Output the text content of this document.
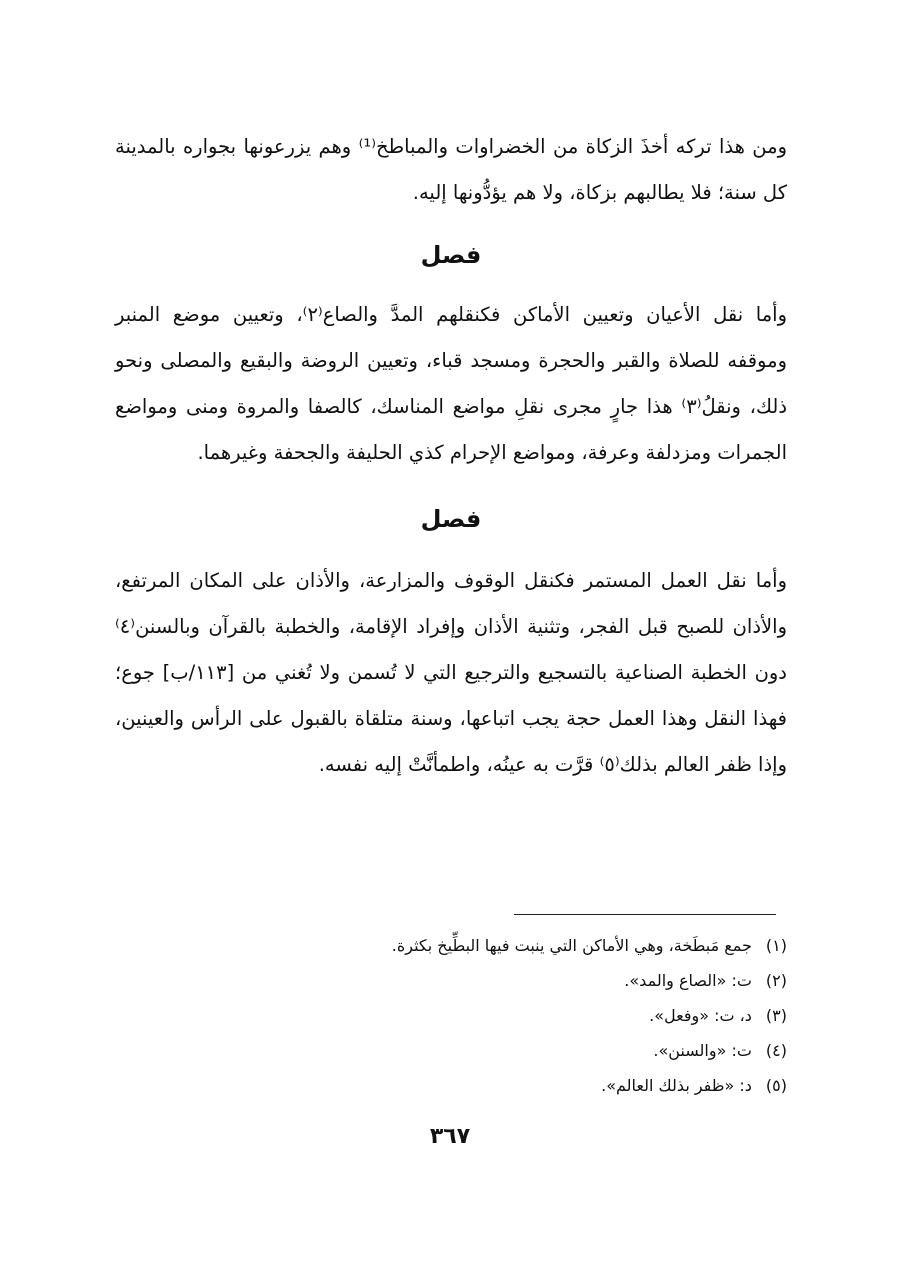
ومن هذا تركه أخذَ الزكاة من الخضراوات والمباطخ⁽¹⁾ وهم يزرعونها بجواره بالمدينة كل سنة؛ فلا يطالبهم بزكاة، ولا هم يؤدُّونها إليه.

فصل

وأما نقل الأعيان وتعيين الأماكن فكنقلهم المدَّ والصاع⁽٢⁾، وتعيين موضع المنبر وموقفه للصلاة والقبر والحجرة ومسجد قباء، وتعيين الروضة والبقيع والمصلى ونحو ذلك، ونقلُ⁽٣⁾ هذا جارٍ مجرى نقلِ مواضع المناسك، كالصفا والمروة ومنى ومواضع الجمرات ومزدلفة وعرفة، ومواضع الإحرام كذي الحليفة والجحفة وغيرهما.

فصل

وأما نقل العمل المستمر فكنقل الوقوف والمزارعة، والأذان على المكان المرتفع، والأذان للصبح قبل الفجر، وتثنية الأذان وإفراد الإقامة، والخطبة بالقرآن وبالسنن⁽٤⁾ دون الخطبة الصناعية بالتسجيع والترجيع التي لا تُسمن ولا تُغني من [١١٣/ب] جوع؛ فهذا النقل وهذا العمل حجة يجب اتباعها، وسنة متلقاة بالقبول على الرأس والعينين، وإذا ظفر العالم بذلك⁽٥⁾ قرَّت به عينُه، واطمأنَّتْ إليه نفسه.

(١)جمع مَبطَخة، وهي الأماكن التي ينبت فيها البطِّيخ بكثرة.

(٢)ت: «الصاع والمد».

(٣)د، ت: «وفعل».

(٤)ت: «والسنن».

(٥)د: «ظفر بذلك العالم».

٣٦٧
